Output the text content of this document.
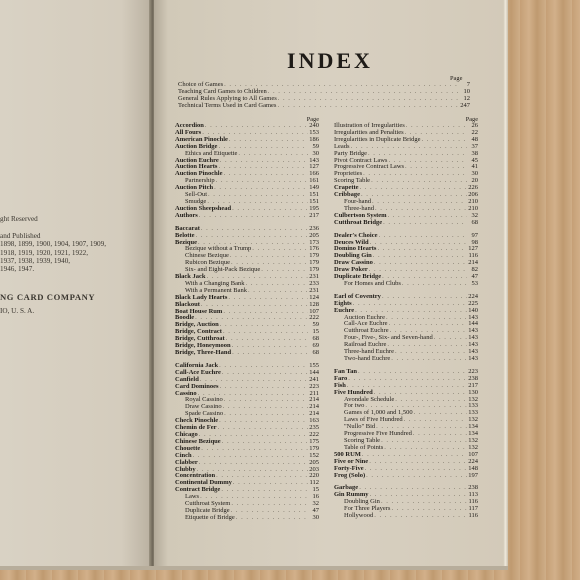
ght Reserved
and Published
1898, 1899, 1900, 1904, 1907, 1909,
1918, 1919, 1920, 1921, 1922,
1937, 1938, 1939, 1940,
1946, 1947.
NG CARD COMPANY
IO, U. S. A.
INDEX
Page
Choice of Games . . .	7
Teaching Card Games to Children . . .	10
General Rules Applying to All Games . . .	12
Technical Terms Used in Card Games . . .	247
Page
Accordion . . .	240
All Fours . . .	153
American Pinochle . . .	186
Auction Bridge . . .	59
Ethics and Etiquette . . .	30
Auction Euchre . . .	143
Auction Hearts . . .	127
Auction Pinochle . . .	166
Partnership . . .	161
Auction Pitch . . .	149
Sell-Out . . .	151
Smudge . . .	151
Auction Sheepshead . . .	195
Authors . . .	217
Baccarat . . .	236
Belotte . . .	205
Bezique . . .	173
Bezique without a Trump . . .	176
Chinese Bezique . . .	179
Rubicon Bezique . . .	179
Six- and Eight-Pack Bezique . . .	179
Black Jack . . .	231
With a Changing Bank . . .	233
With a Permanent Bank . . .	231
Black Lady Hearts . . .	124
Blackout . . .	128
Boat House Rum . . .	107
Boodle . . .	222
Bridge, Auction . . .	59
Bridge, Contract . . .	15
Bridge, Cutthroat . . .	68
Bridge, Honeymoon . . .	69
Bridge, Three-Hand . . .	68
California Jack . . .	155
Call-Ace Euchre . . .	144
Canfield . . .	241
Card Dominoes . . .	223
Cassino . . .	211
Royal Cassino . . .	214
Draw Cassino . . .	214
Spade Cassino . . .	214
Check Pinochle . . .	163
Chemin de Fer . . .	235
Chicago . . .	222
Chinese Bezique . . .	175
Chouette . . .	179
Cinch . . .	152
Clabber . . .	205
Clubby . . .	203
Concentration . . .	220
Continental Dummy . . .	112
Contract Bridge . . .	15
Laws . . .	16
Cutthroat System . . .	32
Duplicate Bridge . . .	47
Etiquette of Bridge . . .	30
Page
Illustration of Irregularities . . .	26
Irregularities and Penalties . . .	22
Irregularities in Duplicate Bridge . . .	48
Leads . . .	37
Party Bridge . . .	38
Pivot Contract Laws . . .	45
Progressive Contract Laws . . .	41
Proprieties . . .	30
Scoring Table . . .	20
Crapette . . .	226
Cribbage . . .	206
Four-hand . . .	210
Three-hand . . .	210
Culbertson System . . .	32
Cutthroat Bridge . . .	68
Dealer's Choice . . .	97
Deuces Wild . . .	98
Domino Hearts . . .	127
Doubling Gin . . .	116
Draw Cassino . . .	214
Draw Poker . . .	82
Duplicate Bridge . . .	47
For Homes and Clubs . . .	53
Earl of Coventry . . .	224
Eights . . .	225
Euchre . . .	140
Auction Euchre . . .	143
Call-Ace Euchre . . .	144
Cutthroat Euchre . . .	143
Four-, Five-, Six- and Seven-hand . . .	143
Railroad Euchre . . .	143
Three-hand Euchre . . .	143
Two-hand Euchre . . .	143
Fan Tan . . .	223
Faro . . .	238
Fish . . .	217
Five Hundred . . .	130
Avondale Schedule . . .	132
For two . . .	133
Games of 1,000 and 1,500 . . .	133
Laws of Five Hundred . . .	132
"Nullo" Bid . . .	134
Progressive Five Hundred . . .	134
Scoring Table . . .	132
Table of Points . . .	132
500 RUM . . .	107
Five or Nine . . .	224
Forty-Five . . .	148
Frog (Solo) . . .	197
Garbage . . .	238
Gin Rummy . . .	113
Doubling Gin . . .	116
For Three Players . . .	117
Hollywood . . .	116
